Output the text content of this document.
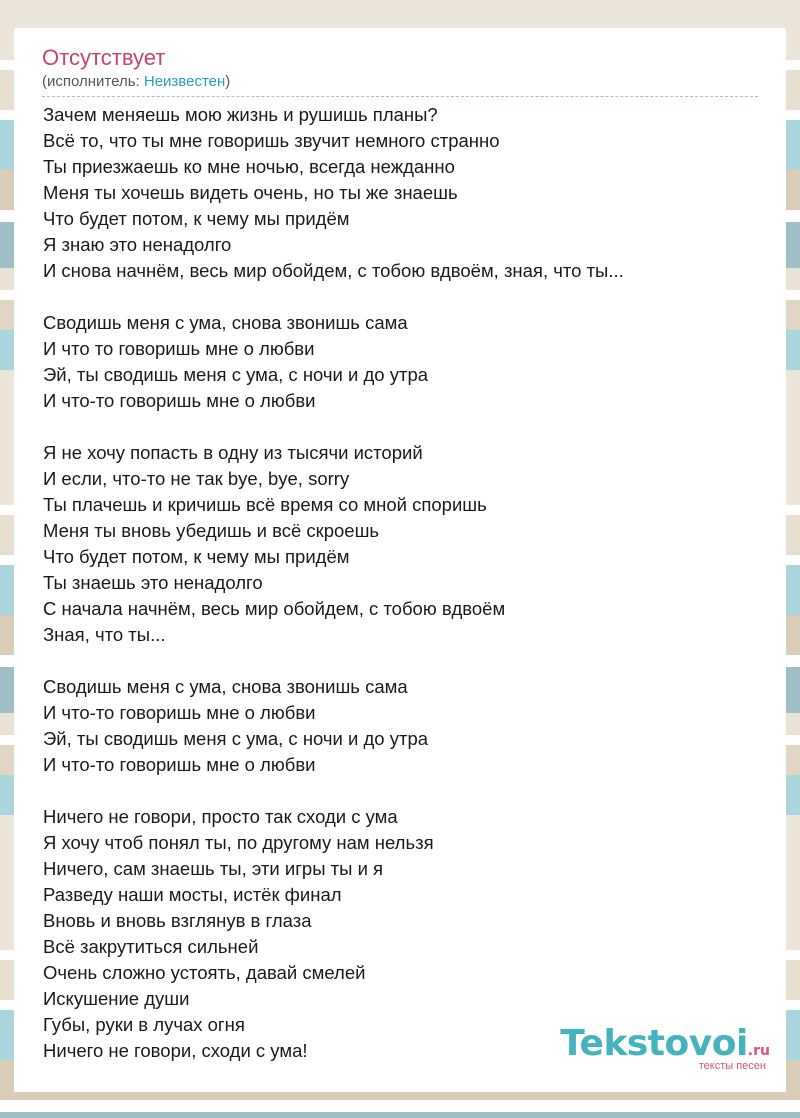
Отсутствует
(исполнитель: Неизвестен)
Зачем меняешь мою жизнь и рушишь планы?
Всё то, что ты мне говоришь звучит немного странно
Ты приезжаешь ко мне ночью, всегда нежданно
Меня ты хочешь видеть очень, но ты же знаешь
Что будет потом, к чему мы придём
Я знаю это ненадолго
И снова начнём, весь мир обойдем, с тобою вдвоём, зная, что ты...
Сводишь меня с ума, снова звонишь сама
И что то говоришь мне о любви
Эй, ты сводишь меня с ума, с ночи и до утра
И что-то говоришь мне о любви
Я не хочу попасть в одну из тысячи историй
И если, что-то не так bye, bye, sorry
Ты плачешь и кричишь всё время со мной споришь
Меня ты вновь убедишь и всё скроешь
Что будет потом, к чему мы придём
Ты знаешь это ненадолго
С начала начнём, весь мир обойдем, с тобою вдвоём
Зная, что ты...
Сводишь меня с ума, снова звонишь сама
И что-то говоришь мне о любви
Эй, ты сводишь меня с ума, с ночи и до утра
И что-то говоришь мне о любви
Ничего не говори, просто так сходи с ума
Я хочу чтоб понял ты, по другому нам нельзя
Ничего, сам знаешь ты, эти игры ты и я
Разведу наши мосты, истёк финал
Вновь и вновь взглянув в глаза
Всё закрутиться сильней
Очень сложно устоять, давай смелей
Искушение души
Губы, руки в лучах огня
Ничего не говори, сходи с ума!	Tekstovoi.ru
тексты песен
